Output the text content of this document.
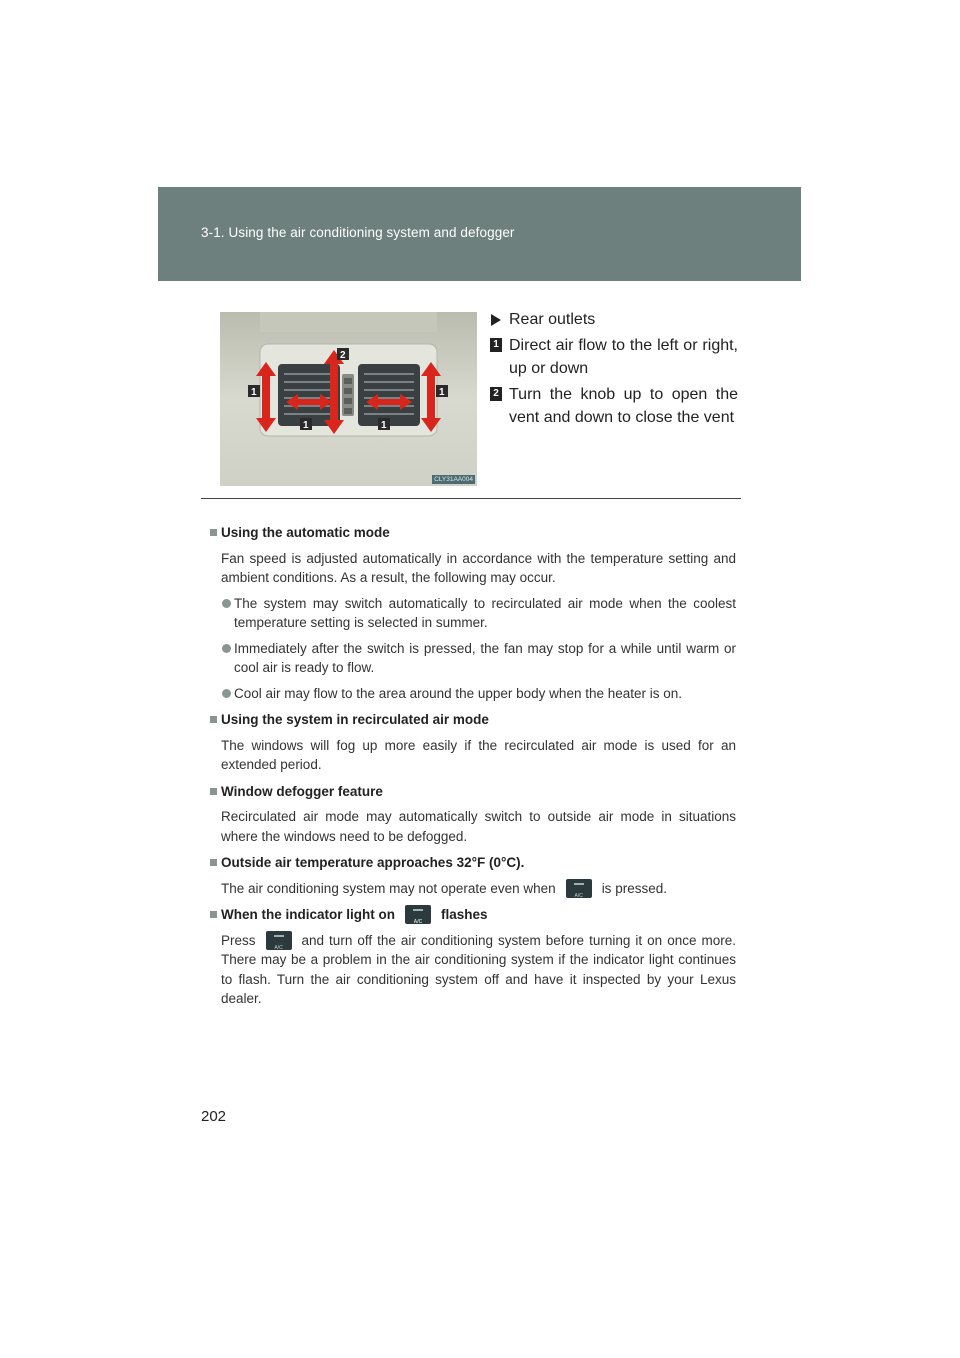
3-1. Using the air conditioning system and defogger
2
1	1
1	1
CLY31AA004
Rear outlets
1 Direct air flow to the left or right, up or down
2 Turn the knob up to open the vent and down to close the vent
Using the automatic mode
Fan speed is adjusted automatically in accordance with the temperature setting and ambient conditions. As a result, the following may occur.
The system may switch automatically to recirculated air mode when the coolest temperature setting is selected in summer.
Immediately after the switch is pressed, the fan may stop for a while until warm or cool air is ready to flow.
Cool air may flow to the area around the upper body when the heater is on.
Using the system in recirculated air mode
The windows will fog up more easily if the recirculated air mode is used for an extended period.
Window defogger feature
Recirculated air mode may automatically switch to outside air mode in situations where the windows need to be defogged.
Outside air temperature approaches 32°F (0°C).
The air conditioning system may not operate even when	A/C	is pressed.
When the indicator light on	A/C	flashes
Press	A/C	and turn off the air conditioning system before turning it on once more. There may be a problem in the air conditioning system if the indicator light continues to flash. Turn the air conditioning system off and have it inspected by your Lexus dealer.
202
